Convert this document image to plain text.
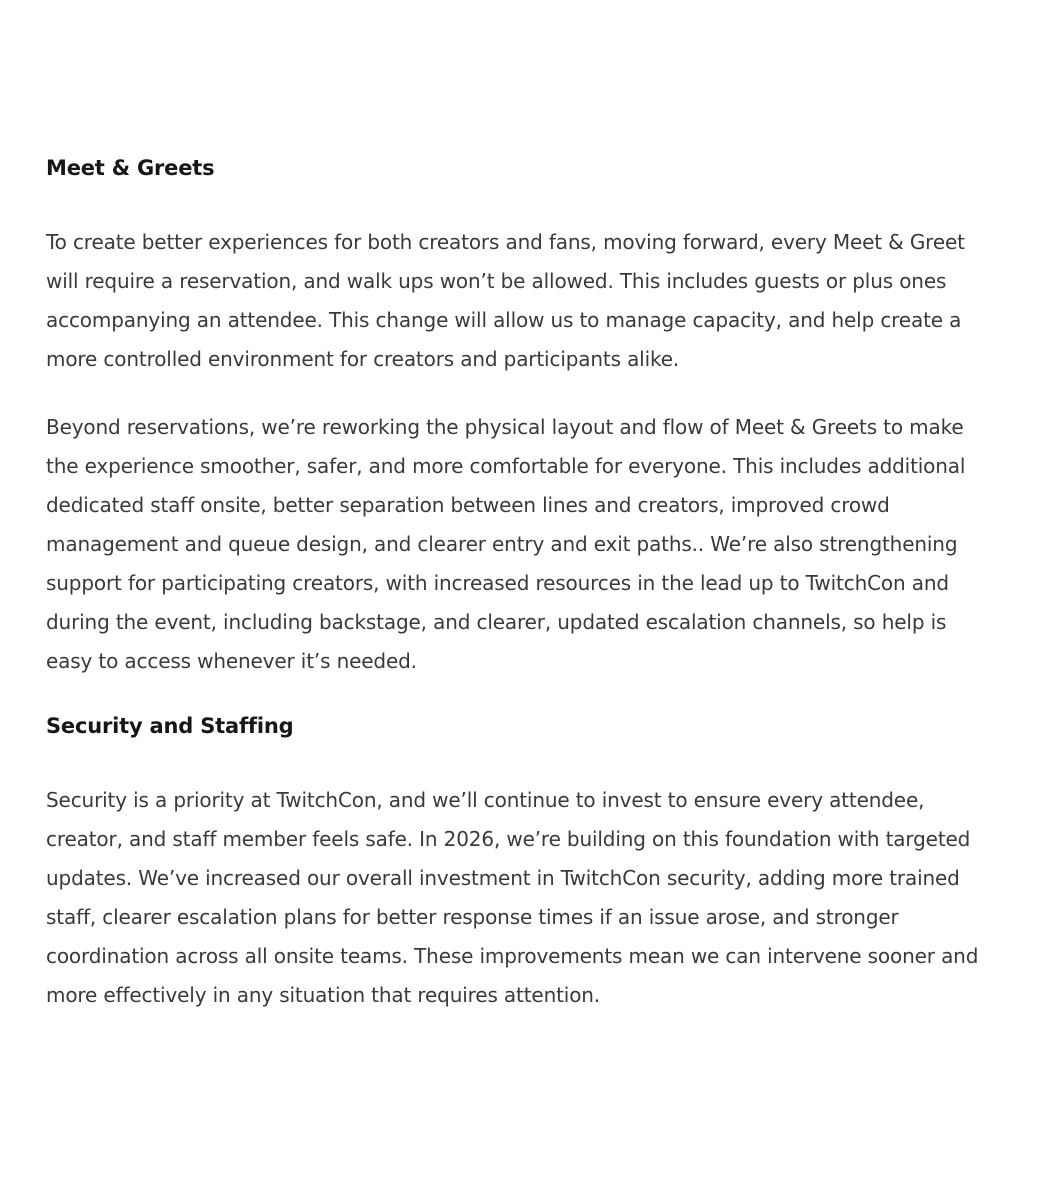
Meet & Greets

To create better experiences for both creators and fans, moving forward, every Meet & Greet will require a reservation, and walk ups won’t be allowed. This includes guests or plus ones accompanying an attendee. This change will allow us to manage capacity, and help create a more controlled environment for creators and participants alike.

Beyond reservations, we’re reworking the physical layout and flow of Meet & Greets to make the experience smoother, safer, and more comfortable for everyone. This includes additional dedicated staff onsite, better separation between lines and creators, improved crowd management and queue design, and clearer entry and exit paths.. We’re also strengthening support for participating creators, with increased resources in the lead up to TwitchCon and during the event, including backstage, and clearer, updated escalation channels, so help is easy to access whenever it’s needed.

Security and Staffing

Security is a priority at TwitchCon, and we’ll continue to invest to ensure every attendee, creator, and staff member feels safe. In 2026, we’re building on this foundation with targeted updates. We’ve increased our overall investment in TwitchCon security, adding more trained staff, clearer escalation plans for better response times if an issue arose, and stronger coordination across all onsite teams. These improvements mean we can intervene sooner and more effectively in any situation that requires attention.
